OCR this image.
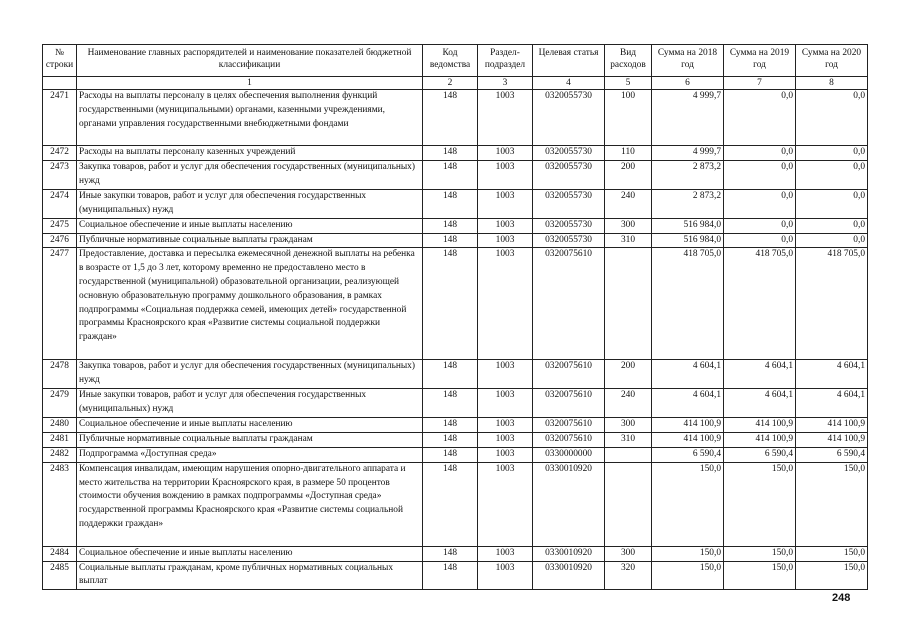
№ строки	Наименование главных распорядителей и наименование показателей бюджетной классификации	Код ведомства	Раздел-подраздел	Целевая статья	Вид расходов	Сумма на 2018 год	Сумма на 2019 год	Сумма на 2020 год
	1	2	3	4	5	6	7	8
2471	Расходы на выплаты персоналу в целях обеспечения выполнения функций государственными (муниципальными) органами, казенными учреждениями, органами управления государственными внебюджетными фондами	148	1003	0320055730	100	4 999,7	0,0	0,0
2472	Расходы на выплаты персоналу казенных учреждений	148	1003	0320055730	110	4 999,7	0,0	0,0
2473	Закупка товаров, работ и услуг для обеспечения государственных (муниципальных) нужд	148	1003	0320055730	200	2 873,2	0,0	0,0
2474	Иные закупки товаров, работ и услуг для обеспечения государственных (муниципальных) нужд	148	1003	0320055730	240	2 873,2	0,0	0,0
2475	Социальное обеспечение и иные выплаты населению	148	1003	0320055730	300	516 984,0	0,0	0,0
2476	Публичные нормативные социальные выплаты гражданам	148	1003	0320055730	310	516 984,0	0,0	0,0
2477	Предоставление, доставка и пересылка ежемесячной денежной выплаты на ребенка в возрасте от 1,5 до 3 лет, которому временно не предоставлено место в государственной (муниципальной) образовательной организации, реализующей основную образовательную программу дошкольного образования, в рамках подпрограммы «Социальная поддержка семей, имеющих детей» государственной программы Красноярского края «Развитие системы социальной поддержки граждан»	148	1003	0320075610		418 705,0	418 705,0	418 705,0
2478	Закупка товаров, работ и услуг для обеспечения государственных (муниципальных) нужд	148	1003	0320075610	200	4 604,1	4 604,1	4 604,1
2479	Иные закупки товаров, работ и услуг для обеспечения государственных (муниципальных) нужд	148	1003	0320075610	240	4 604,1	4 604,1	4 604,1
2480	Социальное обеспечение и иные выплаты населению	148	1003	0320075610	300	414 100,9	414 100,9	414 100,9
2481	Публичные нормативные социальные выплаты гражданам	148	1003	0320075610	310	414 100,9	414 100,9	414 100,9
2482	Подпрограмма «Доступная среда»	148	1003	0330000000		6 590,4	6 590,4	6 590,4
2483	Компенсация инвалидам, имеющим нарушения опорно-двигательного аппарата и место жительства на территории Красноярского края, в размере 50 процентов стоимости обучения вождению в рамках подпрограммы «Доступная среда» государственной программы Красноярского края «Развитие системы социальной поддержки граждан»	148	1003	0330010920		150,0	150,0	150,0
2484	Социальное обеспечение и иные выплаты населению	148	1003	0330010920	300	150,0	150,0	150,0
2485	Социальные выплаты гражданам, кроме публичных нормативных социальных выплат	148	1003	0330010920	320	150,0	150,0	150,0
248
